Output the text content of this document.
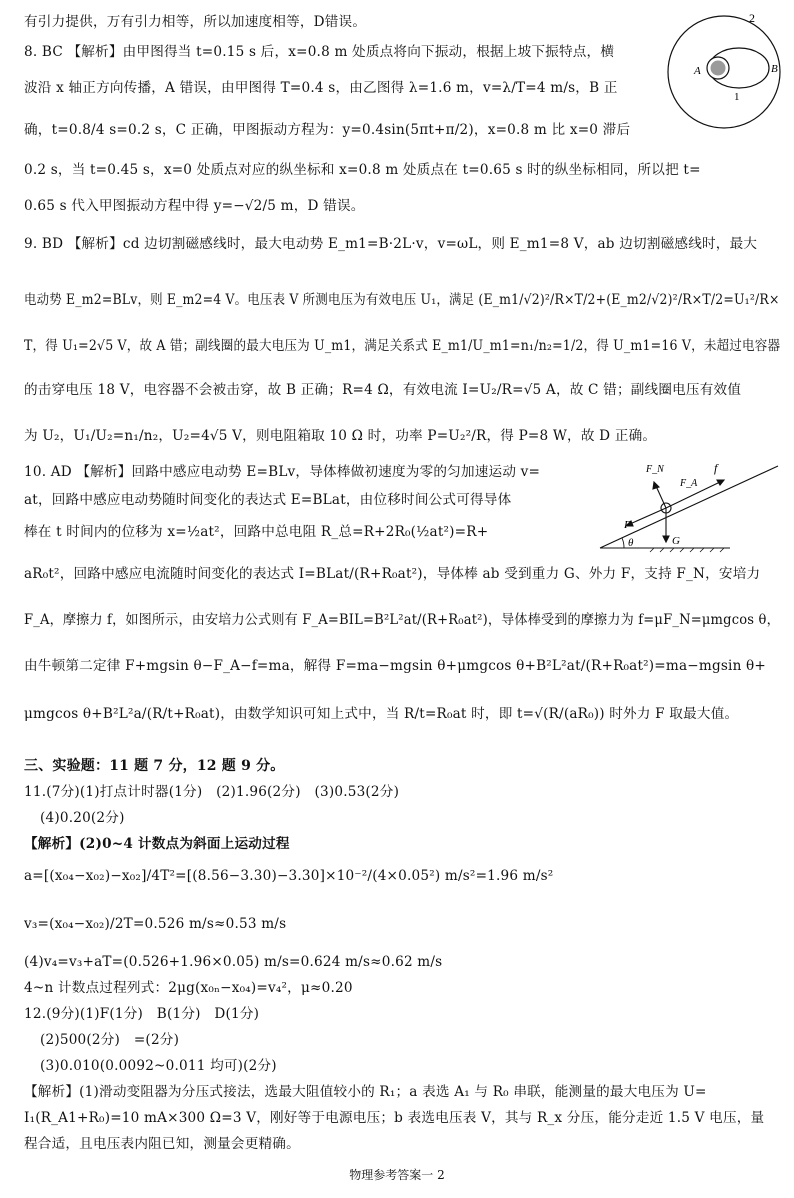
有引力提供，万有引力相等，所以加速度相等，D错误。
8. BC 【解析】由甲图得当 t=0.15 s 后，x=0.8 m 处质点将向下振动，根据上坡下振特点，横
波沿 x 轴正方向传播，A 错误，由甲图得 T=0.4 s，由乙图得 λ=1.6 m，v=λ/T=4 m/s，B 正
确，t=0.8/4 s=0.2 s，C 正确，甲图振动方程为：y=0.4sin(5πt+π/2)，x=0.8 m 比 x=0 滞后
0.2 s，当 t=0.45 s，x=0 处质点对应的纵坐标和 x=0.8 m 处质点在 t=0.65 s 时的纵坐标相同，所以把 t=
0.65 s 代入甲图振动方程中得 y=−√2/5 m，D 错误。
9. BD 【解析】cd 边切割磁感线时，最大电动势 E_m1=B·2L·v，v=ωL，则 E_m1=8 V，ab 边切割磁感线时，最大
电动势 E_m2=BLv，则 E_m2=4 V。电压表 V 所测电压为有效电压 U₁，满足 (E_m1/√2)²/R×T/2+(E_m2/√2)²/R×T/2=U₁²/R×
T，得 U₁=2√5 V，故 A 错；副线圈的最大电压为 U_m1，满足关系式 E_m1/U_m1=n₁/n₂=1/2，得 U_m1=16 V，未超过电容器
的击穿电压 18 V，电容器不会被击穿，故 B 正确；R=4 Ω，有效电流 I=U₂/R=√5 A，故 C 错；副线圈电压有效值
为 U₂，U₁/U₂=n₁/n₂，U₂=4√5 V，则电阻箱取 10 Ω 时，功率 P=U₂²/R，得 P=8 W，故 D 正确。
10. AD 【解析】回路中感应电动势 E=BLv，导体棒做初速度为零的匀加速运动 v=
at，回路中感应电动势随时间变化的表达式 E=BLat，由位移时间公式可得导体
棒在 t 时间内的位移为 x=½at²，回路中总电阻 R_总=R+2R₀(½at²)=R+
aR₀t²，回路中感应电流随时间变化的表达式 I=BLat/(R+R₀at²)，导体棒 ab 受到重力 G、外力 F，支持 F_N，安培力
F_A，摩擦力 f，如图所示，由安培力公式则有 F_A=BIL=B²L²at/(R+R₀at²)，导体棒受到的摩擦力为 f=μF_N=μmgcos θ，
由牛顿第二定律 F+mgsin θ−F_A−f=ma，解得 F=ma−mgsin θ+μmgcos θ+B²L²at/(R+R₀at²)=ma−mgsin θ+
μmgcos θ+B²L²a/(R/t+R₀at)，由数学知识可知上式中，当 R/t=R₀at 时，即 t=√(R/(aR₀)) 时外力 F 取最大值。
三、实验题：11 题 7 分，12 题 9 分。
11.(7分)(1)打点计时器(1分)　(2)1.96(2分)　(3)0.53(2分)
(4)0.20(2分)
【解析】(2)0~4 计数点为斜面上运动过程
a=[(x₀₄−x₀₂)−x₀₂]/4T²=[(8.56−3.30)−3.30]×10⁻²/(4×0.05²) m/s²=1.96 m/s²
v₃=(x₀₄−x₀₂)/2T=0.526 m/s≈0.53 m/s
(4)v₄=v₃+aT=(0.526+1.96×0.05) m/s=0.624 m/s≈0.62 m/s
4~n 计数点过程列式：2μg(x₀ₙ−x₀₄)=v₄²，μ≈0.20
12.(9分)(1)F(1分)　B(1分)　D(1分)
(2)500(2分)　=(2分)
(3)0.010(0.0092~0.011 均可)(2分)
【解析】(1)滑动变阻器为分压式接法，选最大阻值较小的 R₁；a 表选 A₁ 与 R₀ 串联，能测量的最大电压为 U=
I₁(R_A1+R₀)=10 mA×300 Ω=3 V，刚好等于电源电压；b 表选电压表 V，其与 R_x 分压，能分走近 1.5 V 电压，量
程合适，且电压表内阻已知，测量会更精确。
2
A	B
1
θ
F_N
F_A
f
F
G
物理参考答案一 2
